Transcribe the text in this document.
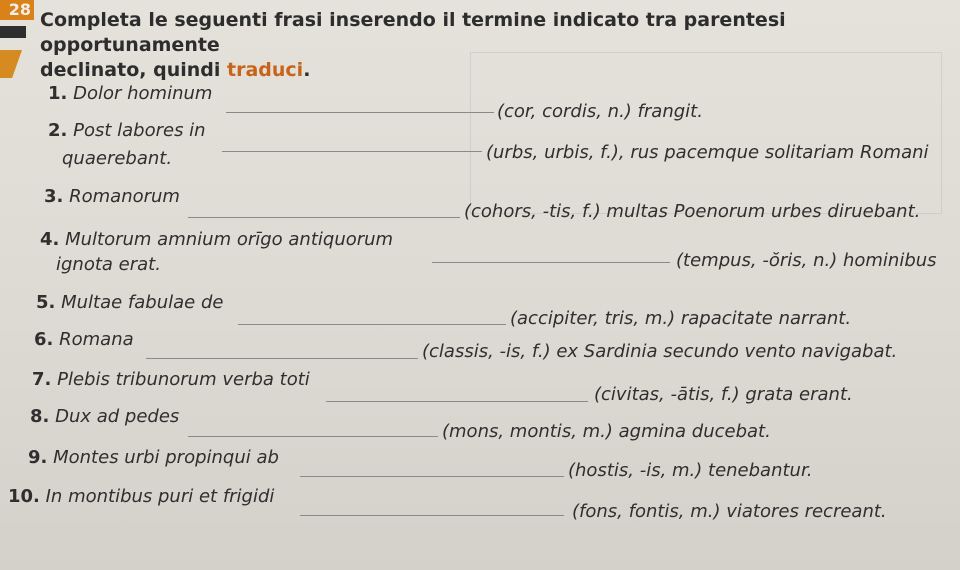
28 Completa le seguenti frasi inserendo il termine indicato tra parentesi opportunamente
declinato, quindi traduci.
1. Dolor hominum
(cor, cordis, n.) frangit.
2. Post labores in
(urbs, urbis, f.), rus pacemque solitariam Romani
quaerebant.
3. Romanorum
(cohors, -tis, f.) multas Poenorum urbes diruebant.
4. Multorum amnium orīgo antiquorum
(tempus, -ŏris, n.) hominibus
ignota erat.
5. Multae fabulae de
(accipiter, tris, m.) rapacitate narrant.
6. Romana
(classis, -is, f.) ex Sardinia secundo vento navigabat.
7. Plebis tribunorum verba toti
(civitas, -ātis, f.) grata erant.
8. Dux ad pedes
(mons, montis, m.) agmina ducebat.
9. Montes urbi propinqui ab
(hostis, -is, m.) tenebantur.
10. In montibus puri et frigidi
(fons, fontis, m.) viatores recreant.
